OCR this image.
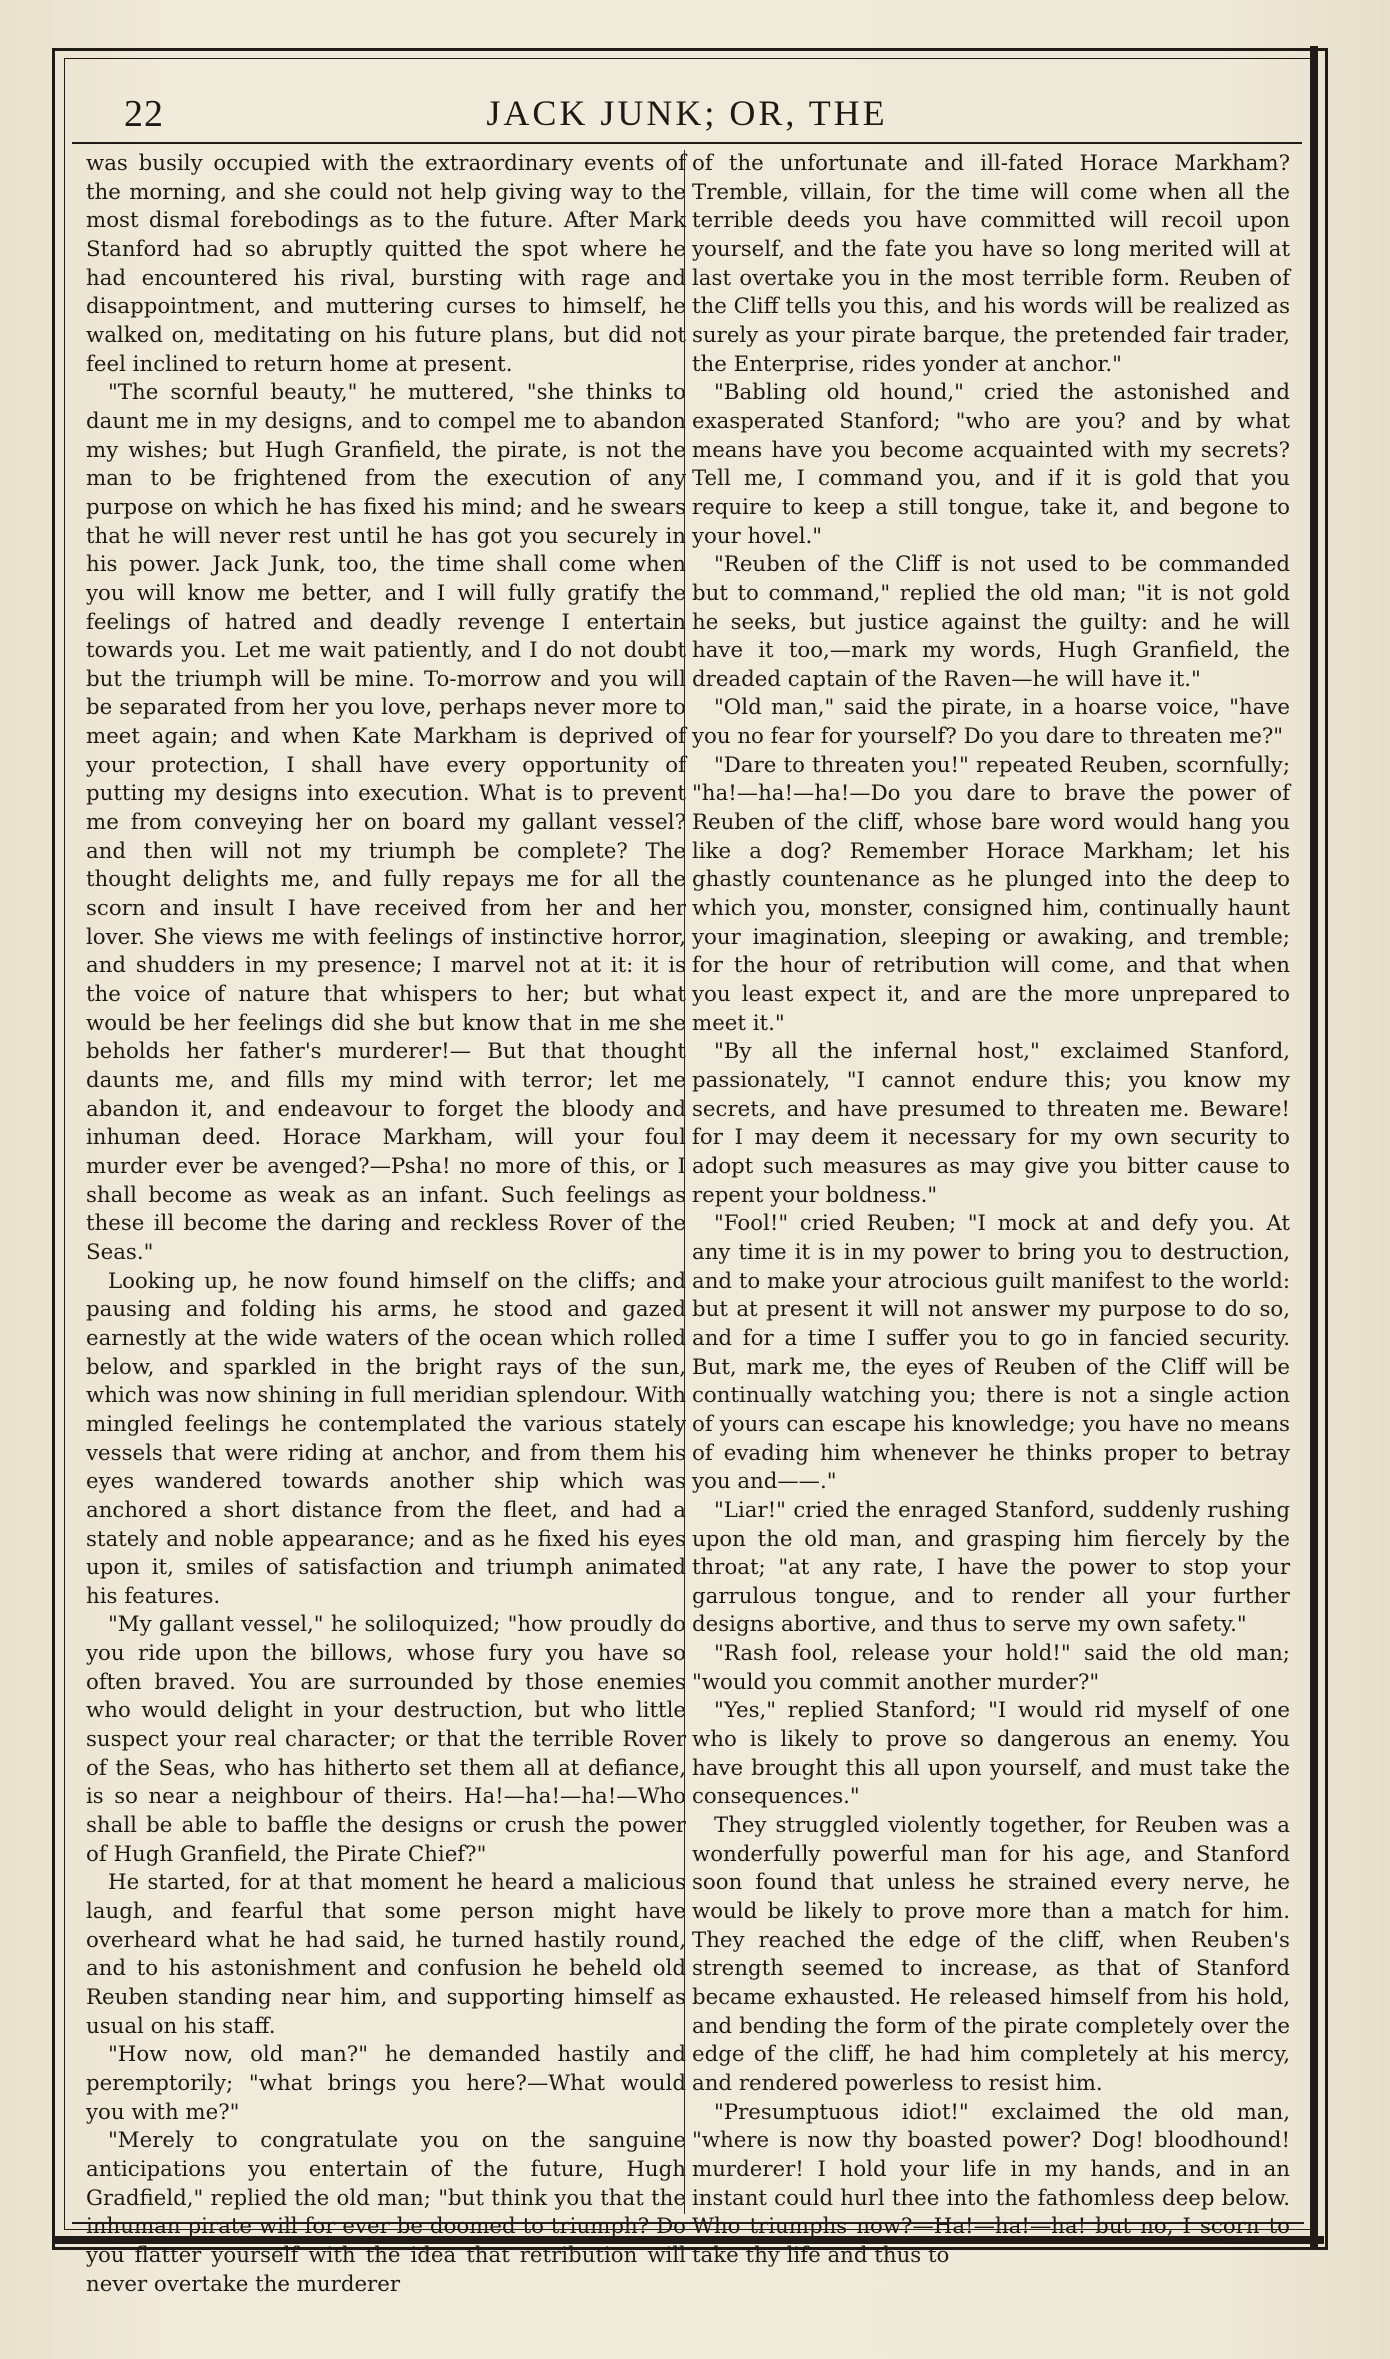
22	JACK JUNK; OR, THE

was busily occupied with the extraordinary events of the morning, and she could not help giving way to the most dismal forebodings as to the future. After Mark Stanford had so abruptly quitted the spot where he had encountered his rival, bursting with rage and disappointment, and muttering curses to himself, he walked on, meditating on his future plans, but did not feel inclined to return home at present.

"The scornful beauty," he muttered, "she thinks to daunt me in my designs, and to compel me to abandon my wishes; but Hugh Granfield, the pirate, is not the man to be frightened from the execution of any purpose on which he has fixed his mind; and he swears that he will never rest until he has got you securely in his power. Jack Junk, too, the time shall come when you will know me better, and I will fully gratify the feelings of hatred and deadly revenge I entertain towards you. Let me wait patiently, and I do not doubt but the triumph will be mine. To-morrow and you will be separated from her you love, perhaps never more to meet again; and when Kate Markham is deprived of your protection, I shall have every opportunity of putting my designs into execution. What is to prevent me from conveying her on board my gallant vessel? and then will not my triumph be complete? The thought delights me, and fully repays me for all the scorn and insult I have received from her and her lover. She views me with feelings of instinctive horror, and shudders in my presence; I marvel not at it: it is the voice of nature that whispers to her; but what would be her feelings did she but know that in me she beholds her father's murderer!— But that thought daunts me, and fills my mind with terror; let me abandon it, and endeavour to forget the bloody and inhuman deed. Horace Markham, will your foul murder ever be avenged?—Psha! no more of this, or I shall become as weak as an infant. Such feelings as these ill become the daring and reckless Rover of the Seas."

Looking up, he now found himself on the cliffs; and pausing and folding his arms, he stood and gazed earnestly at the wide waters of the ocean which rolled below, and sparkled in the bright rays of the sun, which was now shining in full meridian splendour. With mingled feelings he contemplated the various stately vessels that were riding at anchor, and from them his eyes wandered towards another ship which was anchored a short distance from the fleet, and had a stately and noble appearance; and as he fixed his eyes upon it, smiles of satisfaction and triumph animated his features.

"My gallant vessel," he soliloquized; "how proudly do you ride upon the billows, whose fury you have so often braved. You are surrounded by those enemies who would delight in your destruction, but who little suspect your real character; or that the terrible Rover of the Seas, who has hitherto set them all at defiance, is so near a neighbour of theirs. Ha!—ha!—ha!—Who shall be able to baffle the designs or crush the power of Hugh Granfield, the Pirate Chief?"

He started, for at that moment he heard a malicious laugh, and fearful that some person might have overheard what he had said, he turned hastily round, and to his astonishment and confusion he beheld old Reuben standing near him, and supporting himself as usual on his staff.

"How now, old man?" he demanded hastily and peremptorily; "what brings you here?—What would you with me?"

"Merely to congratulate you on the sanguine anticipations you entertain of the future, Hugh Gradfield," replied the old man; "but think you that the inhuman pirate will for ever be doomed to triumph? Do you flatter yourself with the idea that retribution will never overtake the murderer

of the unfortunate and ill-fated Horace Markham? Tremble, villain, for the time will come when all the terrible deeds you have committed will recoil upon yourself, and the fate you have so long merited will at last overtake you in the most terrible form. Reuben of the Cliff tells you this, and his words will be realized as surely as your pirate barque, the pretended fair trader, the Enterprise, rides yonder at anchor."

"Babling old hound," cried the astonished and exasperated Stanford; "who are you? and by what means have you become acquainted with my secrets? Tell me, I command you, and if it is gold that you require to keep a still tongue, take it, and begone to your hovel."

"Reuben of the Cliff is not used to be commanded but to command," replied the old man; "it is not gold he seeks, but justice against the guilty: and he will have it too,—mark my words, Hugh Granfield, the dreaded captain of the Raven—he will have it."

"Old man," said the pirate, in a hoarse voice, "have you no fear for yourself? Do you dare to threaten me?"

"Dare to threaten you!" repeated Reuben, scornfully; "ha!—ha!—ha!—Do you dare to brave the power of Reuben of the cliff, whose bare word would hang you like a dog? Remember Horace Markham; let his ghastly countenance as he plunged into the deep to which you, monster, consigned him, continually haunt your imagination, sleeping or awaking, and tremble; for the hour of retribution will come, and that when you least expect it, and are the more unprepared to meet it."

"By all the infernal host," exclaimed Stanford, passionately, "I cannot endure this; you know my secrets, and have presumed to threaten me. Beware! for I may deem it necessary for my own security to adopt such measures as may give you bitter cause to repent your boldness."

"Fool!" cried Reuben; "I mock at and defy you. At any time it is in my power to bring you to destruction, and to make your atrocious guilt manifest to the world: but at present it will not answer my purpose to do so, and for a time I suffer you to go in fancied security. But, mark me, the eyes of Reuben of the Cliff will be continually watching you; there is not a single action of yours can escape his knowledge; you have no means of evading him whenever he thinks proper to betray you and——."

"Liar!" cried the enraged Stanford, suddenly rushing upon the old man, and grasping him fiercely by the throat; "at any rate, I have the power to stop your garrulous tongue, and to render all your further designs abortive, and thus to serve my own safety."

"Rash fool, release your hold!" said the old man; "would you commit another murder?"

"Yes," replied Stanford; "I would rid myself of one who is likely to prove so dangerous an enemy. You have brought this all upon yourself, and must take the consequences."

They struggled violently together, for Reuben was a wonderfully powerful man for his age, and Stanford soon found that unless he strained every nerve, he would be likely to prove more than a match for him. They reached the edge of the cliff, when Reuben's strength seemed to increase, as that of Stanford became exhausted. He released himself from his hold, and bending the form of the pirate completely over the edge of the cliff, he had him completely at his mercy, and rendered powerless to resist him.

"Presumptuous idiot!" exclaimed the old man, "where is now thy boasted power? Dog! bloodhound! murderer! I hold your life in my hands, and in an instant could hurl thee into the fathomless deep below. Who triumphs now?—Ha!—ha!—ha! but no, I scorn to take thy life and thus to
